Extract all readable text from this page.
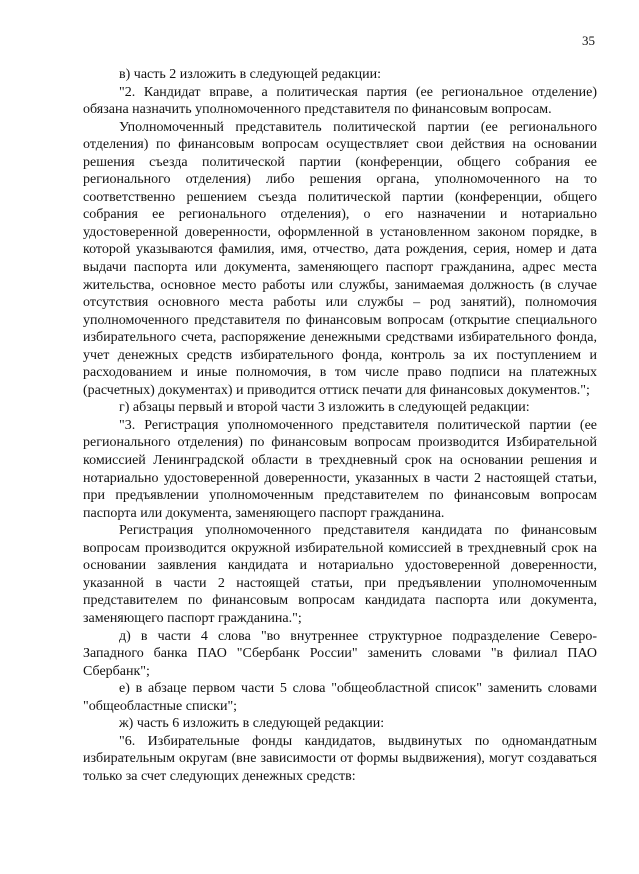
35

в) часть 2 изложить в следующей редакции:

"2. Кандидат вправе, а политическая партия (ее региональное отделение) обязана назначить уполномоченного представителя по финансовым вопросам.

Уполномоченный представитель политической партии (ее регионального отделения) по финансовым вопросам осуществляет свои действия на основании решения съезда политической партии (конференции, общего собрания ее регионального отделения) либо решения органа, уполномоченного на то соответственно решением съезда политической партии (конференции, общего собрания ее регионального отделения), о его назначении и нотариально удостоверенной доверенности, оформленной в установленном законом порядке, в которой указываются фамилия, имя, отчество, дата рождения, серия, номер и дата выдачи паспорта или документа, заменяющего паспорт гражданина, адрес места жительства, основное место работы или службы, занимаемая должность (в случае отсутствия основного места работы или службы – род занятий), полномочия уполномоченного представителя по финансовым вопросам (открытие специального избирательного счета, распоряжение денежными средствами избирательного фонда, учет денежных средств избирательного фонда, контроль за их поступлением и расходованием и иные полномочия, в том числе право подписи на платежных (расчетных) документах) и приводится оттиск печати для финансовых документов.";

г) абзацы первый и второй части 3 изложить в следующей редакции:

"3. Регистрация уполномоченного представителя политической партии (ее регионального отделения) по финансовым вопросам производится Избирательной комиссией Ленинградской области в трехдневный срок на основании решения и нотариально удостоверенной доверенности, указанных в части 2 настоящей статьи, при предъявлении уполномоченным представителем по финансовым вопросам паспорта или документа, заменяющего паспорт гражданина.

Регистрация уполномоченного представителя кандидата по финансовым вопросам производится окружной избирательной комиссией в трехдневный срок на основании заявления кандидата и нотариально удостоверенной доверенности, указанной в части 2 настоящей статьи, при предъявлении уполномоченным представителем по финансовым вопросам кандидата паспорта или документа, заменяющего паспорт гражданина.";

д) в части 4 слова "во внутреннее структурное подразделение Северо-Западного банка ПАО "Сбербанк России" заменить словами "в филиал ПАО Сбербанк";

е) в абзаце первом части 5 слова "общеобластной список" заменить словами "общеобластные списки";

ж) часть 6 изложить в следующей редакции:

"6. Избирательные фонды кандидатов, выдвинутых по одномандатным избирательным округам (вне зависимости от формы выдвижения), могут создаваться только за счет следующих денежных средств:
